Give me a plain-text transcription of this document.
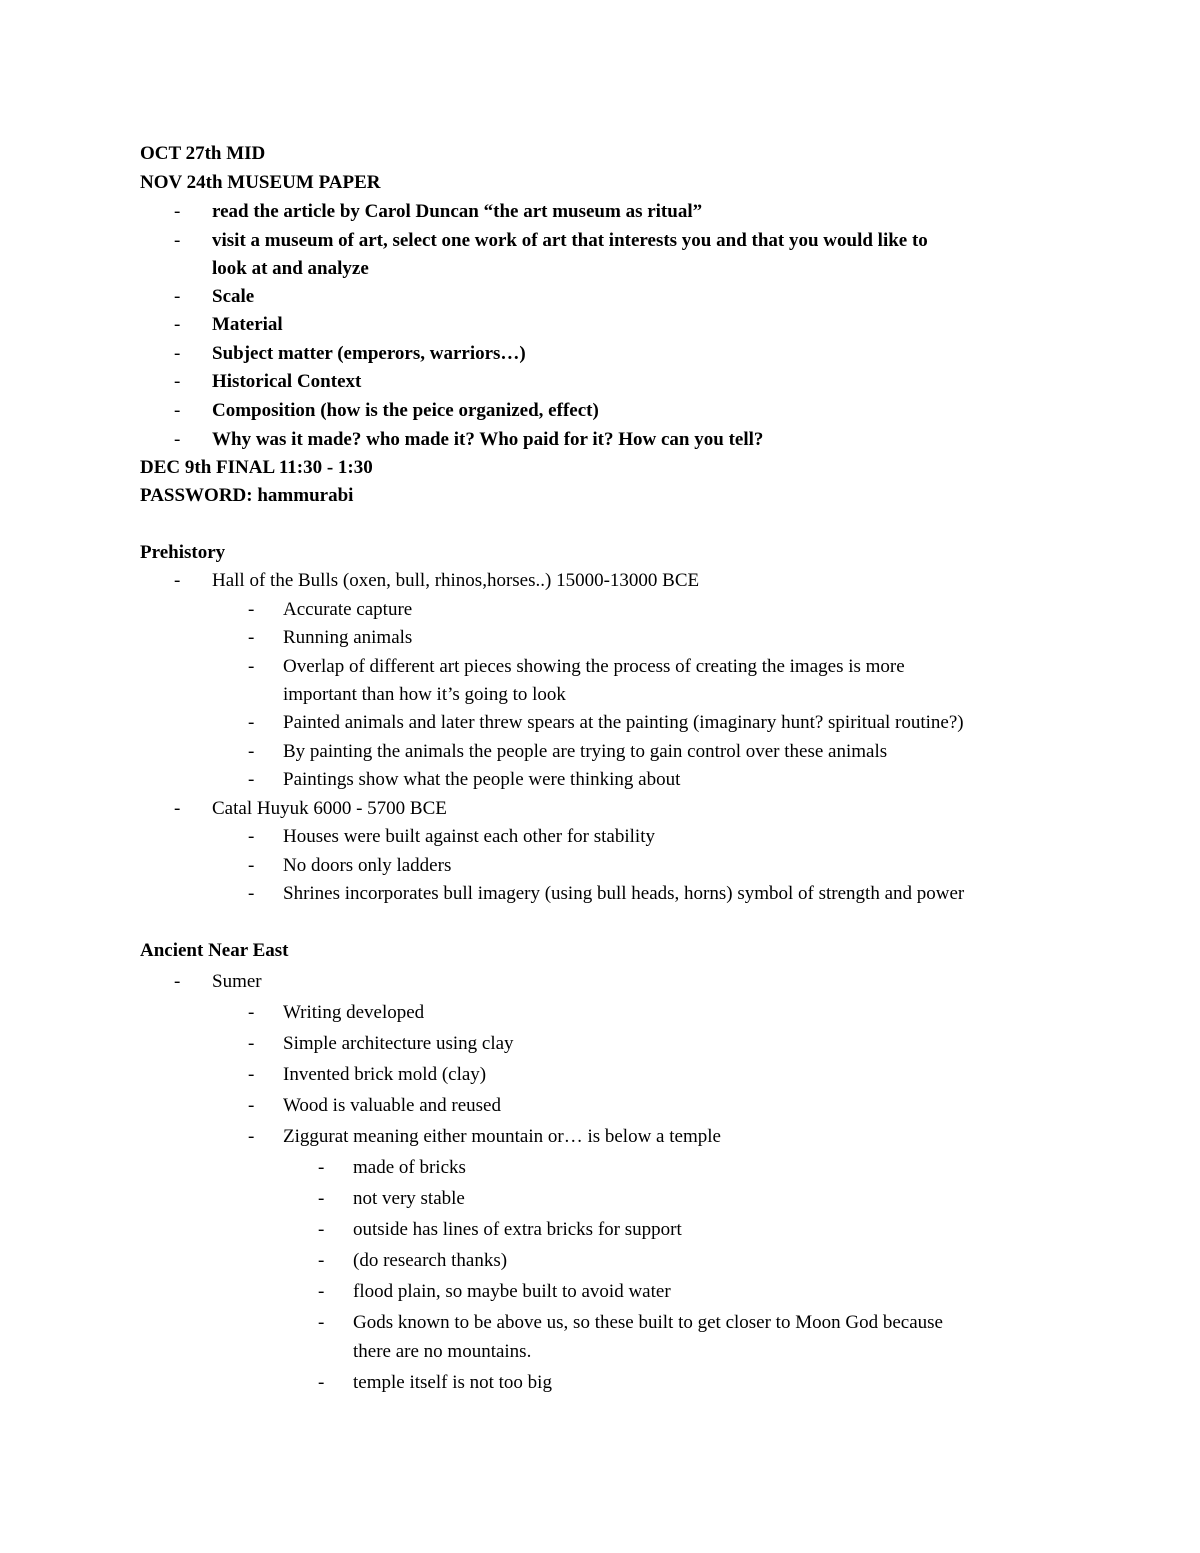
OCT 27th MID
NOV 24th MUSEUM PAPER
- read the article by Carol Duncan “the art museum as ritual”
- visit a museum of art, select one work of art that interests you and that you would like to
look at and analyze
- Scale
- Material
- Subject matter (emperors, warriors…)
- Historical Context
- Composition (how is the peice organized, effect)
- Why was it made? who made it? Who paid for it? How can you tell?
DEC 9th FINAL 11:30 - 1:30
PASSWORD: hammurabi
Prehistory
- Hall of the Bulls (oxen, bull, rhinos,horses..) 15000-13000 BCE
- Accurate capture
- Running animals
- Overlap of different art pieces showing the process of creating the images is more
important than how it’s going to look
- Painted animals and later threw spears at the painting (imaginary hunt? spiritual routine?)
- By painting the animals the people are trying to gain control over these animals
- Paintings show what the people were thinking about
- Catal Huyuk 6000 - 5700 BCE
- Houses were built against each other for stability
- No doors only ladders
- Shrines incorporates bull imagery (using bull heads, horns) symbol of strength and power
Ancient Near East
- Sumer
- Writing developed
- Simple architecture using clay
- Invented brick mold (clay)
- Wood is valuable and reused
- Ziggurat meaning either mountain or… is below a temple
- made of bricks
- not very stable
- outside has lines of extra bricks for support
- (do research thanks)
- flood plain, so maybe built to avoid water
- Gods known to be above us, so these built to get closer to Moon God because
there are no mountains.
- temple itself is not too big
